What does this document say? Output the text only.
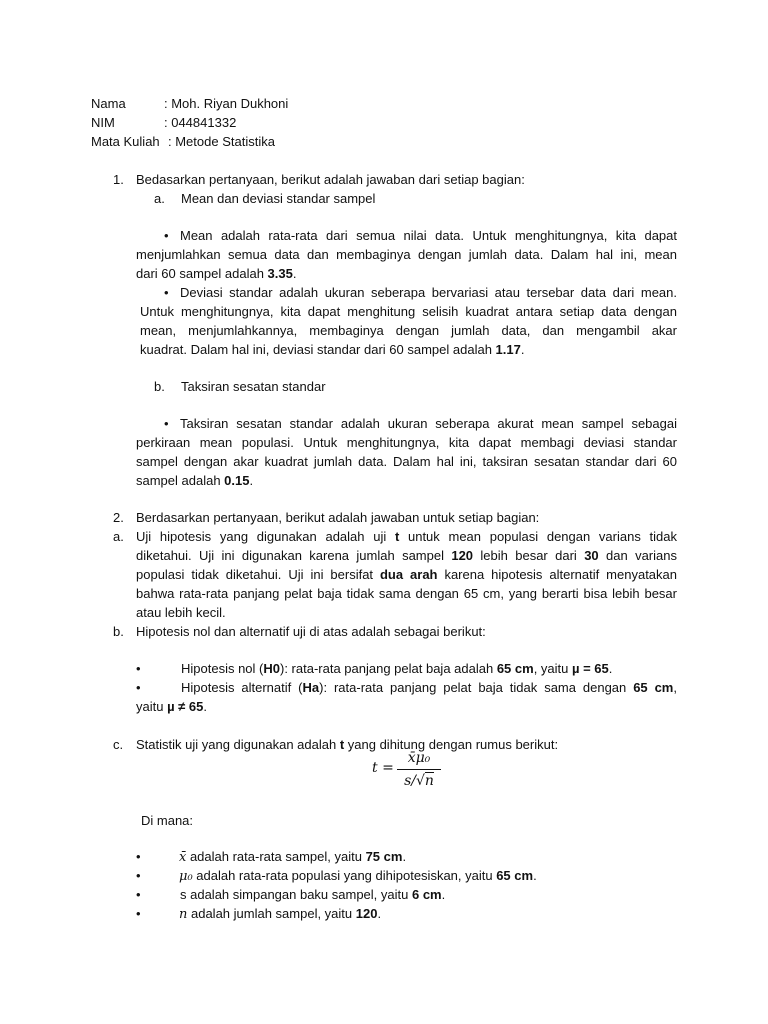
Nama	: Moh. Riyan Dukhoni
NIM	: 044841332
Mata Kuliah : Metode Statistika
1. Bedasarkan pertanyaan, berikut adalah jawaban dari setiap bagian:
a. Mean dan deviasi standar sampel
• Mean adalah rata-rata dari semua nilai data. Untuk menghitungnya, kita dapat
menjumlahkan semua data dan membaginya dengan jumlah data. Dalam hal ini, mean
dari 60 sampel adalah 3.35.
• Deviasi standar adalah ukuran seberapa bervariasi atau tersebar data dari mean.
Untuk menghitungnya, kita dapat menghitung selisih kuadrat antara setiap data dengan
mean, menjumlahkannya, membaginya dengan jumlah data, dan mengambil akar
kuadrat. Dalam hal ini, deviasi standar dari 60 sampel adalah 1.17.
b. Taksiran sesatan standar
• Taksiran sesatan standar adalah ukuran seberapa akurat mean sampel sebagai
perkiraan mean populasi. Untuk menghitungnya, kita dapat membagi deviasi standar
sampel dengan akar kuadrat jumlah data. Dalam hal ini, taksiran sesatan standar dari 60
sampel adalah 0.15.
2. Berdasarkan pertanyaan, berikut adalah jawaban untuk setiap bagian:
a. Uji hipotesis yang digunakan adalah uji t untuk mean populasi dengan varians tidak
diketahui. Uji ini digunakan karena jumlah sampel 120 lebih besar dari 30 dan varians
populasi tidak diketahui. Uji ini bersifat dua arah karena hipotesis alternatif menyatakan
bahwa rata-rata panjang pelat baja tidak sama dengan 65 cm, yang berarti bisa lebih besar
atau lebih kecil.
b. Hipotesis nol dan alternatif uji di atas adalah sebagai berikut:
•	Hipotesis nol (H0): rata-rata panjang pelat baja adalah 65 cm, yaitu µ = 65.
•	Hipotesis alternatif (Ha): rata-rata panjang pelat baja tidak sama dengan 65 cm,
yaitu µ ≠ 65.
c. Statistik uji yang digunakan adalah t yang dihitung dengan rumus berikut:
t =
x̄μ₀
s/√n
Di mana:
•	x̄ adalah rata-rata sampel, yaitu 75 cm.
•	μ₀ adalah rata-rata populasi yang dihipotesiskan, yaitu 65 cm.
•	s adalah simpangan baku sampel, yaitu 6 cm.
•	n adalah jumlah sampel, yaitu 120.
